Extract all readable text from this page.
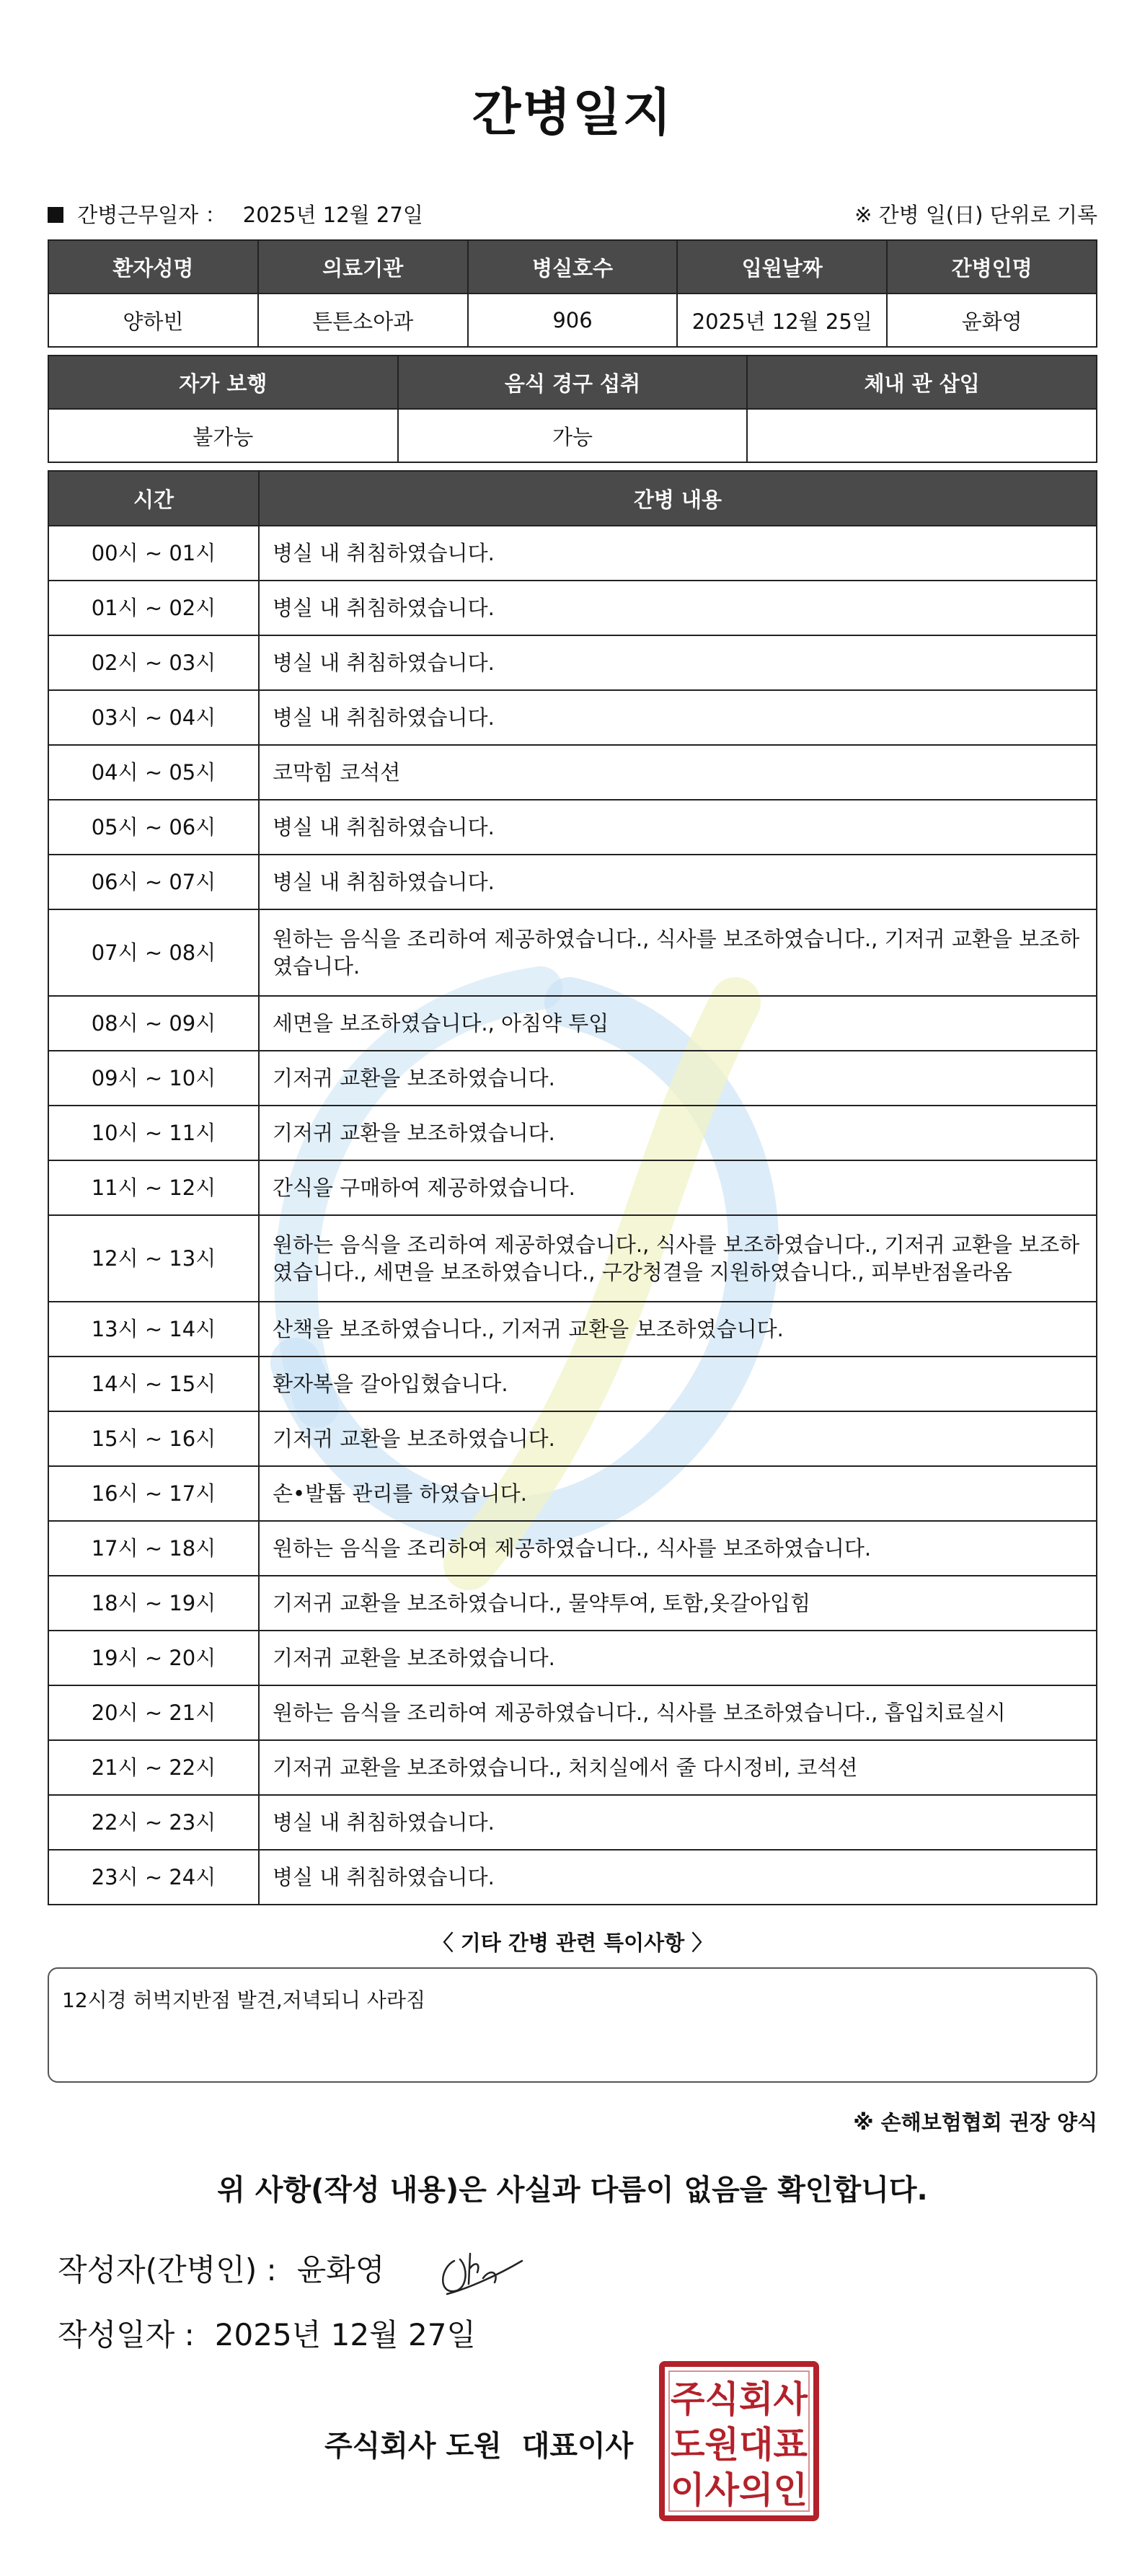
간병일지
간병근무일자 ： 2025년 12월 27일	※ 간병 일(日) 단위로 기록
환자성명	의료기관	병실호수	입원날짜	간병인명
양하빈	튼튼소아과	906	2025년 12월 25일	윤화영
자가 보행	음식 경구 섭취	체내 관 삽입
불가능	가능	
시간	간병 내용
00시 ~ 01시	병실 내 취침하였습니다.
01시 ~ 02시	병실 내 취침하였습니다.
02시 ~ 03시	병실 내 취침하였습니다.
03시 ~ 04시	병실 내 취침하였습니다.
04시 ~ 05시	코막힘 코석션
05시 ~ 06시	병실 내 취침하였습니다.
06시 ~ 07시	병실 내 취침하였습니다.
07시 ~ 08시	원하는 음식을 조리하여 제공하였습니다., 식사를 보조하였습니다., 기저귀 교환을 보조하였습니다.
08시 ~ 09시	세면을 보조하였습니다., 아침약 투입
09시 ~ 10시	기저귀 교환을 보조하였습니다.
10시 ~ 11시	기저귀 교환을 보조하였습니다.
11시 ~ 12시	간식을 구매하여 제공하였습니다.
12시 ~ 13시	원하는 음식을 조리하여 제공하였습니다., 식사를 보조하였습니다., 기저귀 교환을 보조하였습니다., 세면을 보조하였습니다., 구강청결을 지원하였습니다., 피부반점올라옴
13시 ~ 14시	산책을 보조하였습니다., 기저귀 교환을 보조하였습니다.
14시 ~ 15시	환자복을 갈아입혔습니다.
15시 ~ 16시	기저귀 교환을 보조하였습니다.
16시 ~ 17시	손•발톱 관리를 하였습니다.
17시 ~ 18시	원하는 음식을 조리하여 제공하였습니다., 식사를 보조하였습니다.
18시 ~ 19시	기저귀 교환을 보조하였습니다., 물약투여, 토함,옷갈아입힘
19시 ~ 20시	기저귀 교환을 보조하였습니다.
20시 ~ 21시	원하는 음식을 조리하여 제공하였습니다., 식사를 보조하였습니다., 흡입치료실시
21시 ~ 22시	기저귀 교환을 보조하였습니다., 처치실에서 줄 다시정비, 코석션
22시 ~ 23시	병실 내 취침하였습니다.
23시 ~ 24시	병실 내 취침하였습니다.
〈 기타 간병 관련 특이사항 〉
12시경 허벅지반점 발견,저녁되니 사라짐
※ 손해보험협회 권장 양식
위 사항(작성 내용)은 사실과 다름이 없음을 확인합니다.
작성자(간병인) : 윤화영
작성일자 : 2025년 12월 27일
주식회사 도원 대표이사
주식회사
도원대표
이사의인
